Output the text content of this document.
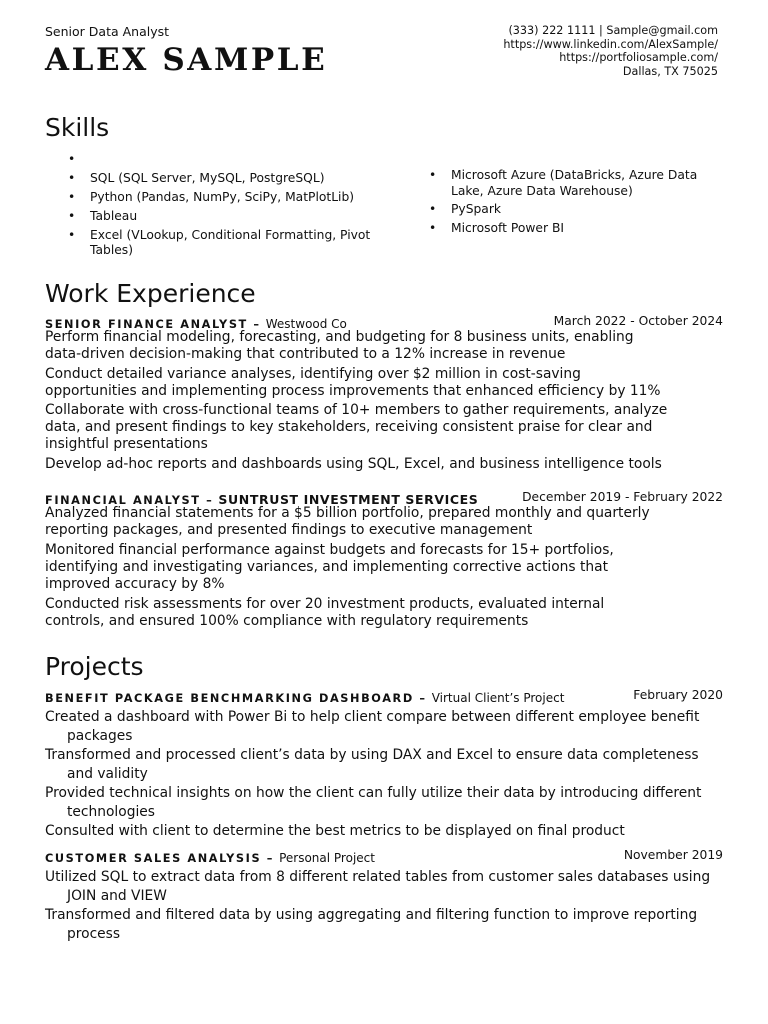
Senior Data Analyst
ALEX SAMPLE
(333) 222 1111 | Sample@gmail.com
https://www.linkedin.com/AlexSample/
https://portfoliosample.com/
Dallas, TX 75025
Skills
•
• SQL (SQL Server, MySQL, PostgreSQL)
• Python (Pandas, NumPy, SciPy, MatPlotLib)
• Tableau
• Excel (VLookup, Conditional Formatting, Pivot Tables)
• Microsoft Azure (DataBricks, Azure Data Lake, Azure Data Warehouse)
• PySpark
• Microsoft Power BI
Work Experience
SENIOR FINANCE ANALYST – Westwood Co	March 2022 - October 2024
Perform financial modeling, forecasting, and budgeting for 8 business units, enabling data-driven decision-making that contributed to a 12% increase in revenue
Conduct detailed variance analyses, identifying over $2 million in cost-saving opportunities and implementing process improvements that enhanced efficiency by 11%
Collaborate with cross-functional teams of 10+ members to gather requirements, analyze data, and present findings to key stakeholders, receiving consistent praise for clear and insightful presentations
Develop ad-hoc reports and dashboards using SQL, Excel, and business intelligence tools
FINANCIAL ANALYST – SUNTRUST INVESTMENT SERVICES	December 2019 - February 2022
Analyzed financial statements for a $5 billion portfolio, prepared monthly and quarterly reporting packages, and presented findings to executive management
Monitored financial performance against budgets and forecasts for 15+ portfolios, identifying and investigating variances, and implementing corrective actions that improved accuracy by 8%
Conducted risk assessments for over 20 investment products, evaluated internal controls, and ensured 100% compliance with regulatory requirements
Projects
BENEFIT PACKAGE BENCHMARKING DASHBOARD – Virtual Client’s Project	February 2020
Created a dashboard with Power Bi to help client compare between different employee benefit packages
Transformed and processed client’s data by using DAX and Excel to ensure data completeness and validity
Provided technical insights on how the client can fully utilize their data by introducing different technologies
Consulted with client to determine the best metrics to be displayed on final product
CUSTOMER SALES ANALYSIS – Personal Project	November 2019
Utilized SQL to extract data from 8 different related tables from customer sales databases using JOIN and VIEW
Transformed and filtered data by using aggregating and filtering function to improve reporting process
